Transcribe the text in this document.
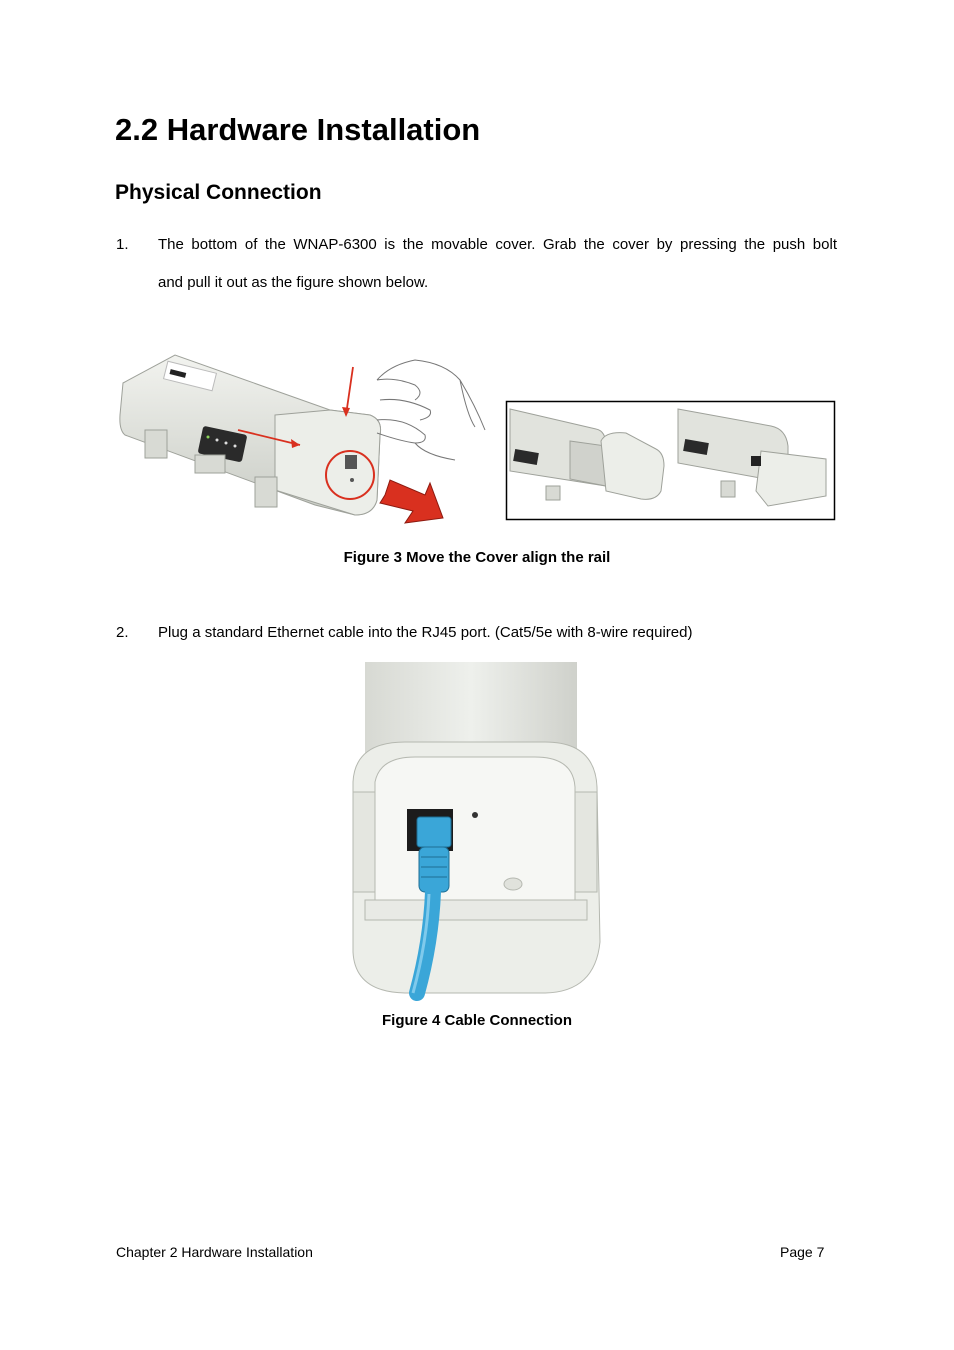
2.2 Hardware Installation
Physical Connection
1. The bottom of the WNAP-6300 is the movable cover. Grab the cover by pressing the push bolt
and pull it out as the figure shown below.
Figure 3 Move the Cover align the rail
2. Plug a standard Ethernet cable into the RJ45 port. (Cat5/5e with 8-wire required)
Figure 4 Cable Connection
Chapter 2 Hardware Installation	Page 7
